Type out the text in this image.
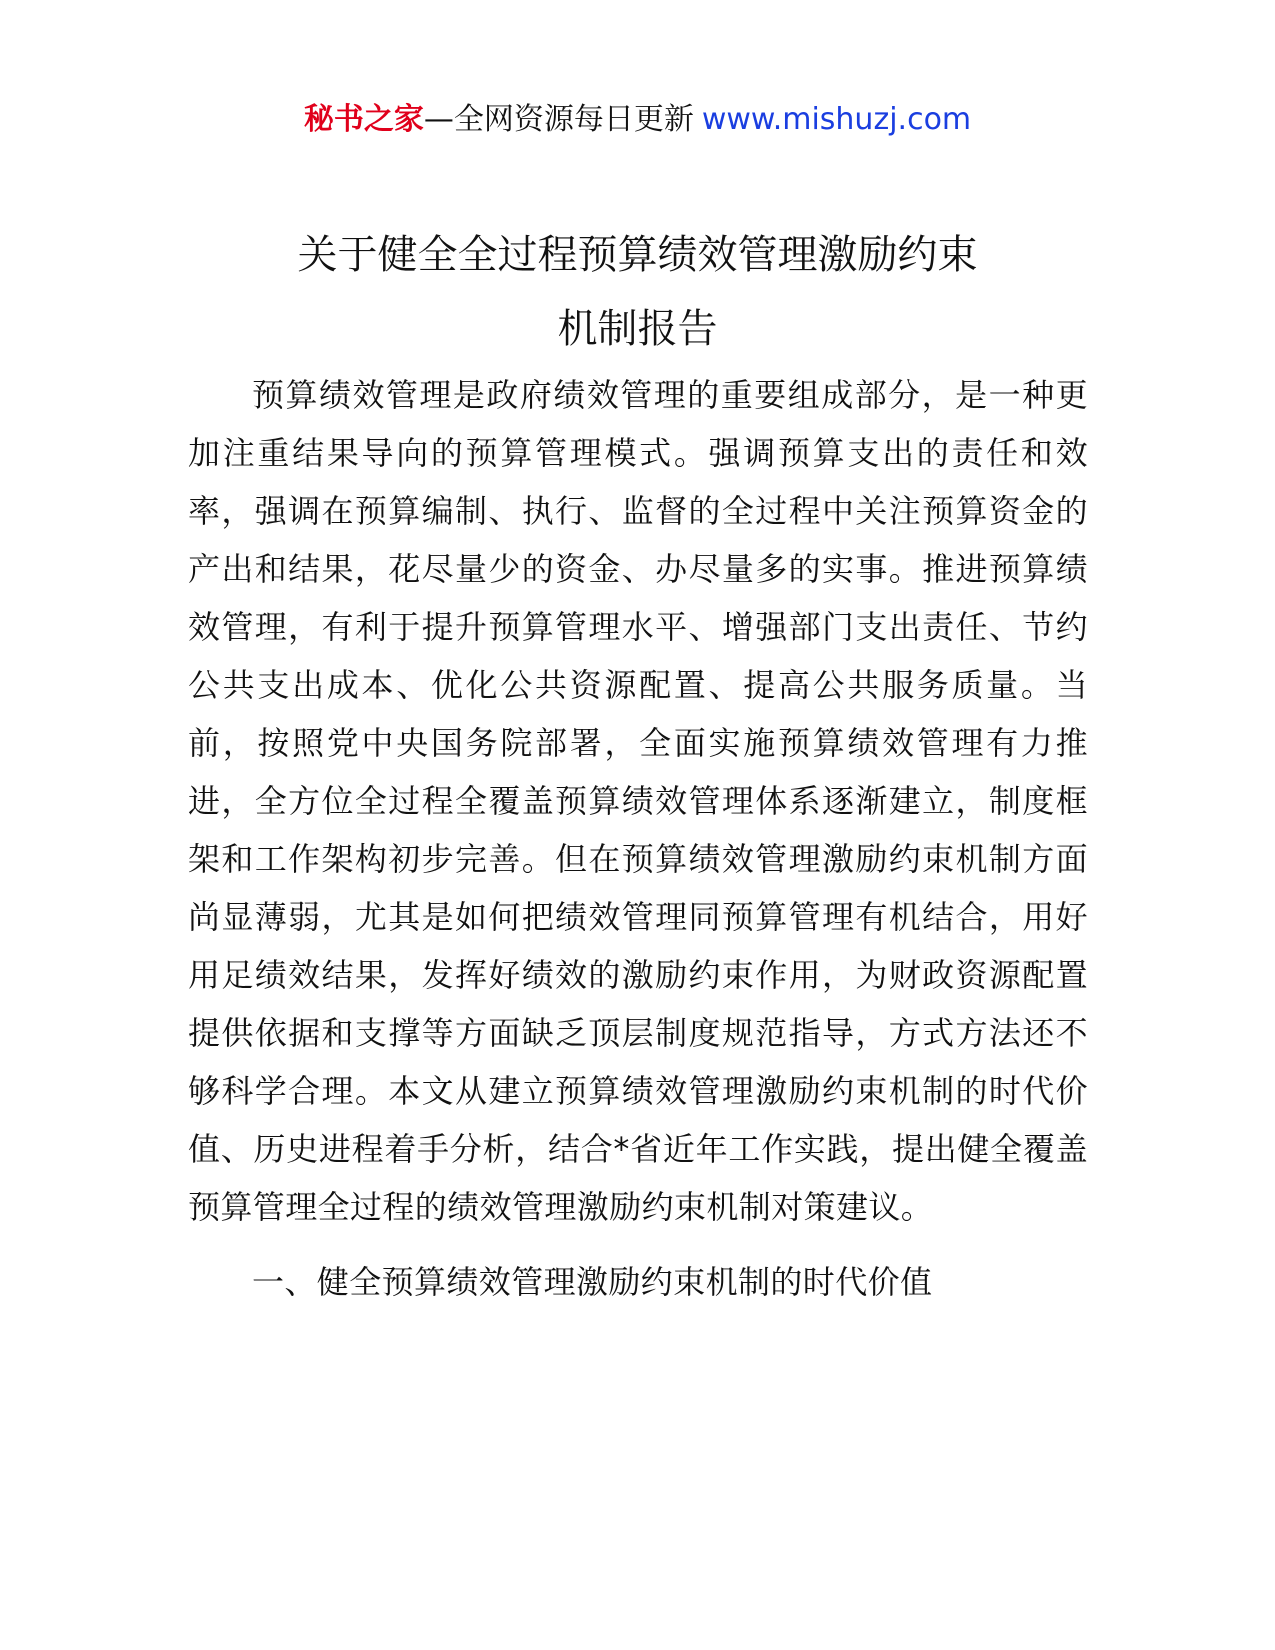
秘书之家—全网资源每日更新 www.mishuzj.com
关于健全全过程预算绩效管理激励约束
机制报告

预算绩效管理是政府绩效管理的重要组成部分，是一种更加注重结果导向的预算管理模式。强调预算支出的责任和效率，强调在预算编制、执行、监督的全过程中关注预算资金的产出和结果，花尽量少的资金、办尽量多的实事。推进预算绩效管理，有利于提升预算管理水平、增强部门支出责任、节约公共支出成本、优化公共资源配置、提高公共服务质量。当前，按照党中央国务院部署，全面实施预算绩效管理有力推进，全方位全过程全覆盖预算绩效管理体系逐渐建立，制度框架和工作架构初步完善。但在预算绩效管理激励约束机制方面尚显薄弱，尤其是如何把绩效管理同预算管理有机结合，用好用足绩效结果，发挥好绩效的激励约束作用，为财政资源配置提供依据和支撑等方面缺乏顶层制度规范指导，方式方法还不够科学合理。本文从建立预算绩效管理激励约束机制的时代价值、历史进程着手分析，结合*省近年工作实践，提出健全覆盖预算管理全过程的绩效管理激励约束机制对策建议。

一、健全预算绩效管理激励约束机制的时代价值
